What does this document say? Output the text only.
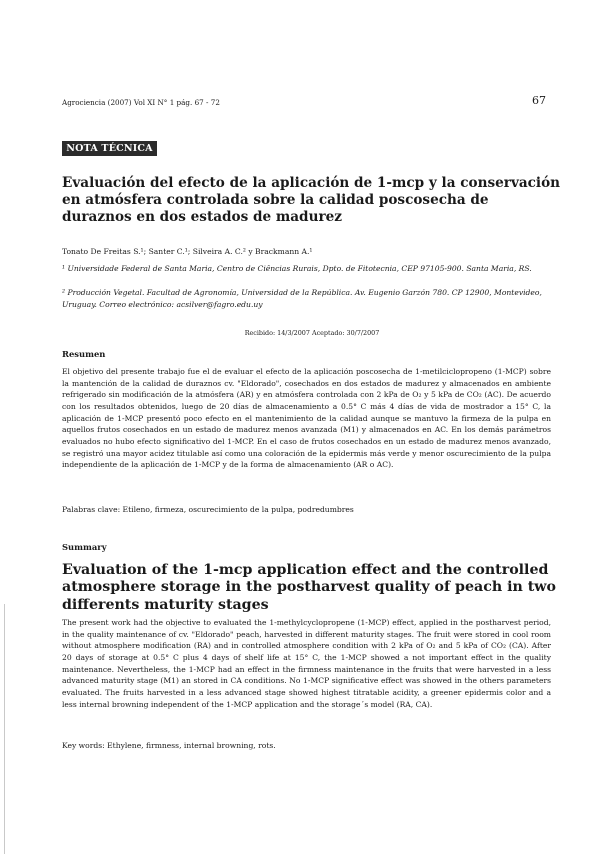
Agrociencia (2007) Vol XI N° 1 pág. 67 - 72	67
NOTA TÉCNICA
Evaluación del efecto de la aplicación de 1-mcp y la conservación en atmósfera controlada sobre la calidad poscosecha de duraznos en dos estados de madurez
Tonato De Freitas S.¹; Santer C.¹; Silveira A. C.² y Brackmann A.¹
¹ Universidade Federal de Santa Maria, Centro de Ciências Rurais, Dpto. de Fitotecnia, CEP 97105-900. Santa Maria, RS.
² Producción Vegetal. Facultad de Agronomía, Universidad de la República. Av. Eugenio Garzón 780. CP 12900, Montevideo, Uruguay. Correo electrónico: acsilver@fagro.edu.uy
Recibido: 14/3/2007 Aceptado: 30/7/2007
Resumen
El objetivo del presente trabajo fue el de evaluar el efecto de la aplicación poscosecha de 1-metilciclopropeno (1-MCP) sobre la mantención de la calidad de duraznos cv. "Eldorado", cosechados en dos estados de madurez y almacenados en ambiente refrigerado sin modificación de la atmósfera (AR) y en atmósfera controlada con 2 kPa de O₂ y 5 kPa de CO₂ (AC). De acuerdo con los resultados obtenidos, luego de 20 días de almacenamiento a 0.5° C más 4 días de vida de mostrador a 15° C, la aplicación de 1-MCP presentó poco efecto en el mantenimiento de la calidad aunque se mantuvo la firmeza de la pulpa en aquellos frutos cosechados en un estado de madurez menos avanzada (M1) y almacenados en AC. En los demás parámetros evaluados no hubo efecto significativo del 1-MCP. En el caso de frutos cosechados en un estado de madurez menos avanzado, se registró una mayor acidez titulable así como una coloración de la epidermis más verde y menor oscurecimiento de la pulpa independiente de la aplicación de 1-MCP y de la forma de almacenamiento (AR o AC).
Palabras clave: Etileno, firmeza, oscurecimiento de la pulpa, podredumbres
Summary
Evaluation of the 1-mcp application effect and the controlled atmosphere storage in the postharvest quality of peach in two differents maturity stages
The present work had the objective to evaluated the 1-methylcyclopropene (1-MCP) effect, applied in the postharvest period, in the quality maintenance of cv. "Eldorado" peach, harvested in different maturity stages. The fruit were stored in cool room without atmosphere modification (RA) and in controlled atmosphere condition with 2 kPa of O₂ and 5 kPa of CO₂ (CA). After 20 days of storage at 0.5° C plus 4 days of shelf life at 15° C, the 1-MCP showed a not important effect in the quality maintenance. Nevertheless, the 1-MCP had an effect in the firmness maintenance in the fruits that were harvested in a less advanced maturity stage (M1) an stored in CA conditions. No 1-MCP significative effect was showed in the others parameters evaluated. The fruits harvested in a less advanced stage showed highest titratable acidity, a greener epidermis color and a less internal browning independent of the 1-MCP application and the storage´s model (RA, CA).
Key words: Ethylene, firmness, internal browning, rots.
